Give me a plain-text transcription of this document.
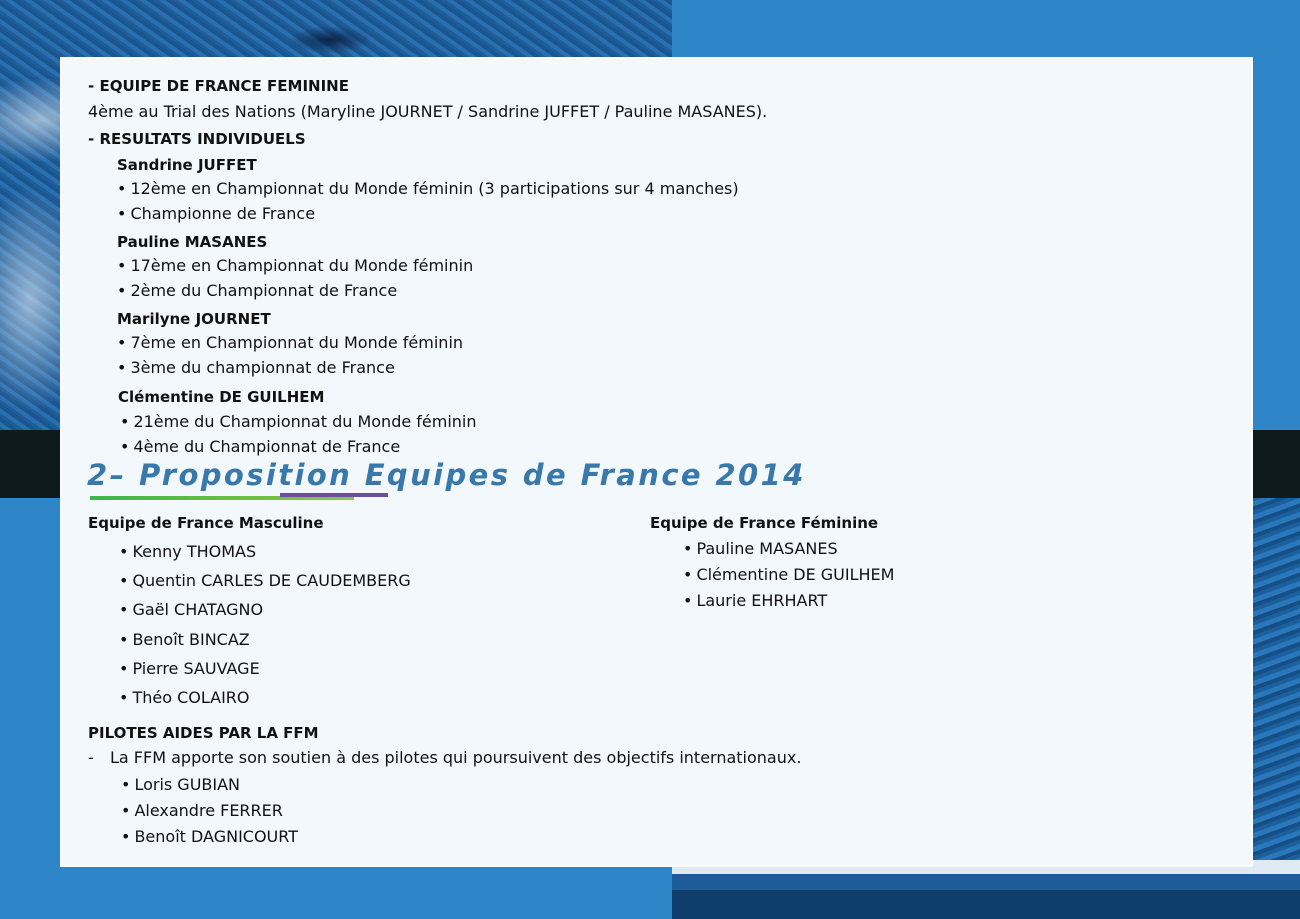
- EQUIPE DE FRANCE FEMININE
4ème au Trial des Nations (Maryline JOURNET / Sandrine JUFFET / Pauline MASANES).
- RESULTATS INDIVIDUELS
Sandrine JUFFET
• 12ème en Championnat du Monde féminin (3 participations sur 4 manches)
• Championne de France
Pauline MASANES
• 17ème en Championnat du Monde féminin
• 2ème du Championnat de France
Marilyne JOURNET
• 7ème en Championnat du Monde féminin
• 3ème du championnat de France
Clémentine DE GUILHEM
• 21ème du Championnat du Monde féminin
• 4ème du Championnat de France
2– Proposition Equipes de France 2014
Equipe de France Masculine
• Kenny THOMAS
• Quentin CARLES DE CAUDEMBERG
• Gaël CHATAGNO
• Benoît BINCAZ
• Pierre SAUVAGE
• Théo COLAIRO
Equipe de France Féminine
• Pauline MASANES
• Clémentine DE GUILHEM
• Laurie EHRHART
PILOTES AIDES PAR LA FFM
- La FFM apporte son soutien à des pilotes qui poursuivent des objectifs internationaux.
• Loris GUBIAN
• Alexandre FERRER
• Benoît DAGNICOURT
